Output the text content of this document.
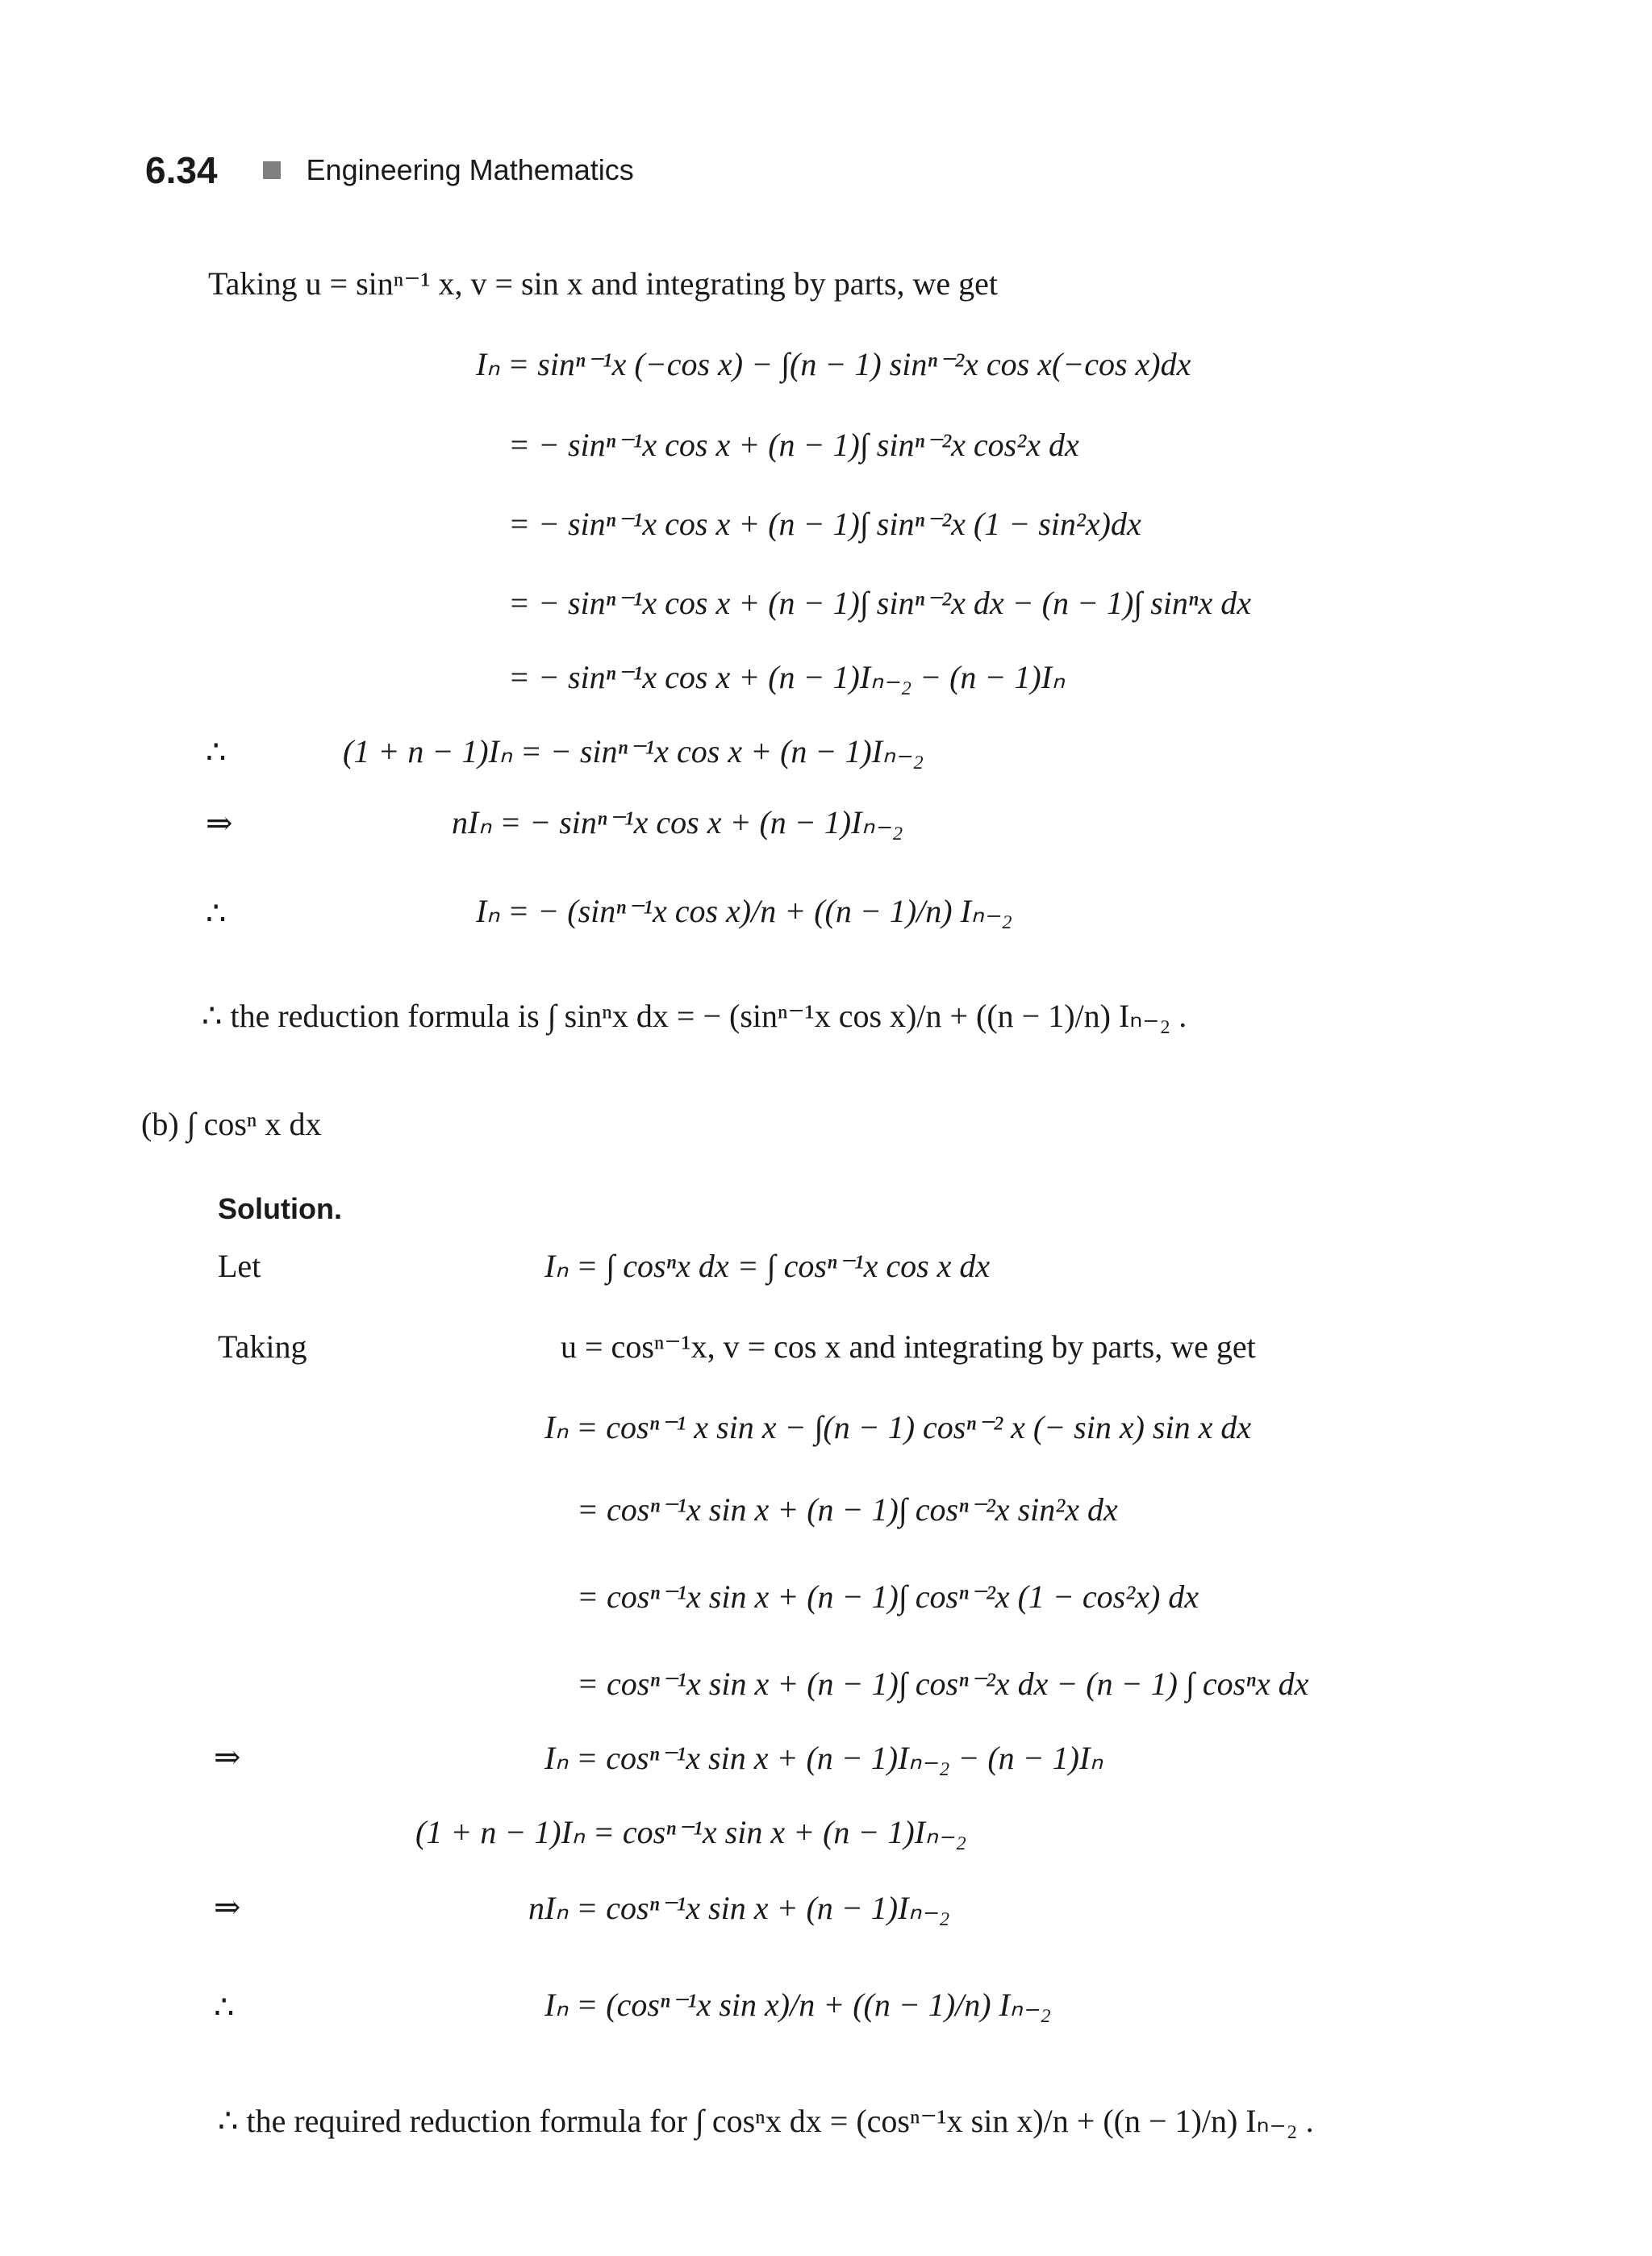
6.34	Engineering Mathematics
Taking u = sinⁿ⁻¹ x, v = sin x and integrating by parts, we get
Iₙ = sinⁿ⁻¹x (−cos x) − ∫(n − 1) sinⁿ⁻²x cos x(−cos x)dx
= − sinⁿ⁻¹x cos x + (n − 1)∫ sinⁿ⁻²x cos²x dx
= − sinⁿ⁻¹x cos x + (n − 1)∫ sinⁿ⁻²x (1 − sin²x)dx
= − sinⁿ⁻¹x cos x + (n − 1)∫ sinⁿ⁻²x dx − (n − 1)∫ sinⁿx dx
= − sinⁿ⁻¹x cos x + (n − 1)Iₙ₋₂ − (n − 1)Iₙ
∴	(1 + n − 1)Iₙ = − sinⁿ⁻¹x cos x + (n − 1)Iₙ₋₂
⇒	nIₙ = − sinⁿ⁻¹x cos x + (n − 1)Iₙ₋₂
∴	Iₙ = − (sinⁿ⁻¹x cos x)/n + ((n − 1)/n) Iₙ₋₂
∴ the reduction formula is ∫ sinⁿx dx = − (sinⁿ⁻¹x cos x)/n + ((n − 1)/n) Iₙ₋₂ .
(b) ∫ cosⁿ x dx
Solution.
Let	Iₙ = ∫ cosⁿx dx = ∫ cosⁿ⁻¹x cos x dx
Taking	u = cosⁿ⁻¹x, v = cos x and integrating by parts, we get
Iₙ = cosⁿ⁻¹ x sin x − ∫(n − 1) cosⁿ⁻² x (− sin x) sin x dx
= cosⁿ⁻¹x sin x + (n − 1)∫ cosⁿ⁻²x sin²x dx
= cosⁿ⁻¹x sin x + (n − 1)∫ cosⁿ⁻²x (1 − cos²x) dx
= cosⁿ⁻¹x sin x + (n − 1)∫ cosⁿ⁻²x dx − (n − 1) ∫ cosⁿx dx
⇒	Iₙ = cosⁿ⁻¹x sin x + (n − 1)Iₙ₋₂ − (n − 1)Iₙ
(1 + n − 1)Iₙ = cosⁿ⁻¹x sin x + (n − 1)Iₙ₋₂
⇒	nIₙ = cosⁿ⁻¹x sin x + (n − 1)Iₙ₋₂
∴	Iₙ = (cosⁿ⁻¹x sin x)/n + ((n − 1)/n) Iₙ₋₂
∴ the required reduction formula for ∫ cosⁿx dx = (cosⁿ⁻¹x sin x)/n + ((n − 1)/n) Iₙ₋₂ .
